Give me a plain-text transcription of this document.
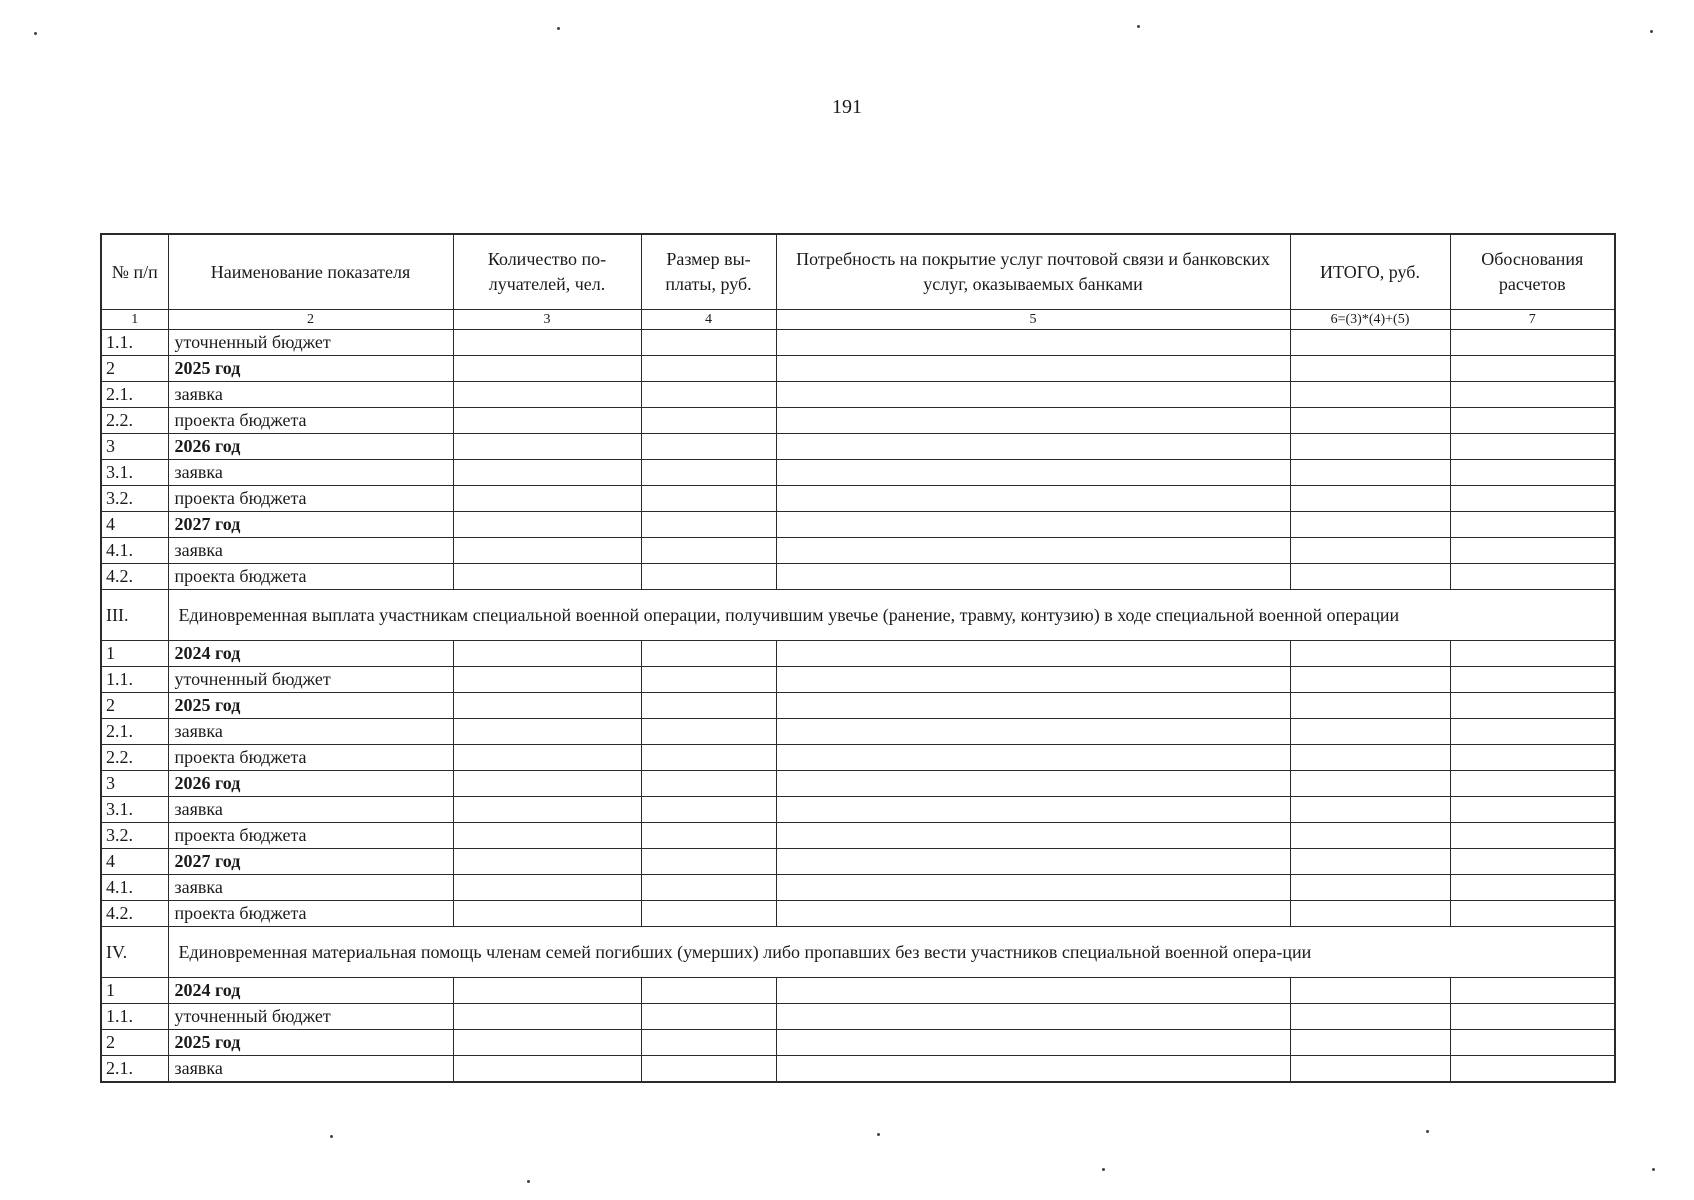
191
№ п/п	Наименование показателя	Количество по-лучателей, чел.	Размер вы-платы, руб.	Потребность на покрытие услуг почтовой связи и банковских услуг, оказываемых банками	ИТОГО, руб.	Обоснования расчетов
1	2	3	4	5	6=(3)*(4)+(5)	7
1.1.	уточненный бюджет					
2	2025 год					
2.1.	заявка					
2.2.	проекта бюджета					
3	2026 год					
3.1.	заявка					
3.2.	проекта бюджета					
4	2027 год					
4.1.	заявка					
4.2.	проекта бюджета					
III.	Единовременная выплата участникам специальной военной операции, получившим увечье (ранение, травму, контузию) в ходе специальной военной операции					
1	2024 год					
1.1.	уточненный бюджет					
2	2025 год					
2.1.	заявка					
2.2.	проекта бюджета					
3	2026 год					
3.1.	заявка					
3.2.	проекта бюджета					
4	2027 год					
4.1.	заявка					
4.2.	проекта бюджета					
IV.	Единовременная материальная помощь членам семей погибших (умерших) либо пропавших без вести участников специальной военной опера-ции					
1	2024 год					
1.1.	уточненный бюджет					
2	2025 год					
2.1.	заявка					
